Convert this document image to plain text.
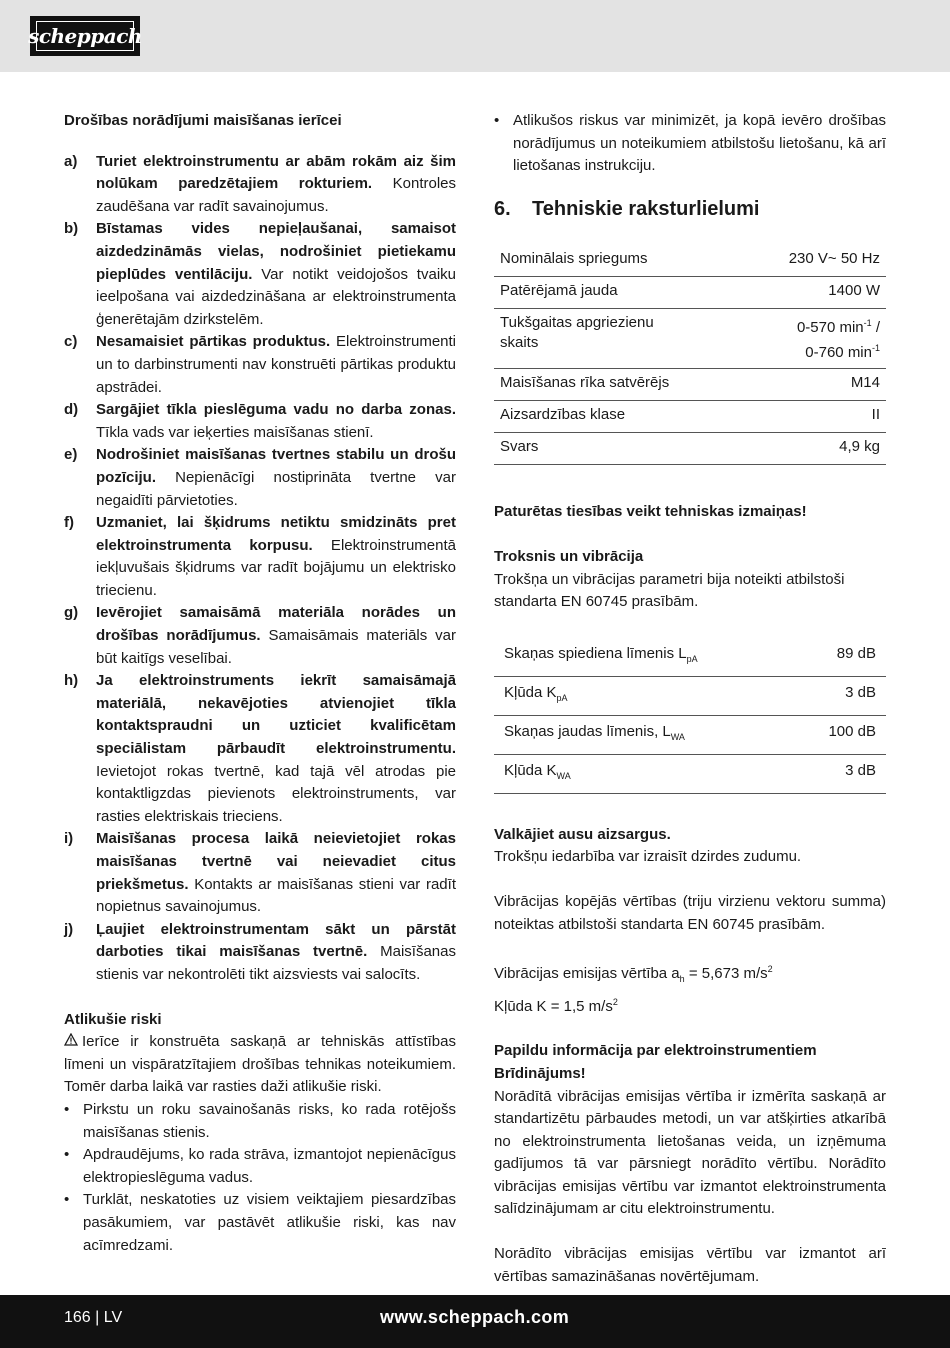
scheppach

Drošības norādījumi maisīšanas ierīcei

a) Turiet elektroinstrumentu ar abām rokām aiz šim nolūkam paredzētajiem rokturiem. Kontroles zaudēšana var radīt savainojumus.
b) Bīstamas vides nepieļaušanai, samaisot aizdedzināmās vielas, nodrošiniet pietiekamu pieplūdes ventilāciju. Var notikt veidojošos tvaiku ieelpošana vai aizdedzināšana ar elektroinstrumenta ģenerētajām dzirkstelēm.
c) Nesamaisiet pārtikas produktus. Elektroinstrumenti un to darbinstrumenti nav konstruēti pārtikas produktu apstrādei.
d) Sargājiet tīkla pieslēguma vadu no darba zonas. Tīkla vads var ieķerties maisīšanas stienī.
e) Nodrošiniet maisīšanas tvertnes stabilu un drošu pozīciju. Nepienācīgi nostiprināta tvertne var negaidīti pārvietoties.
f) Uzmaniet, lai šķidrums netiktu smidzināts pret elektroinstrumenta korpusu. Elektroinstrumentā iekļuvušais šķidrums var radīt bojājumu un elektrisko triecienu.
g) Ievērojiet samaisāmā materiāla norādes un drošības norādījumus. Samaisāmais materiāls var būt kaitīgs veselībai.
h) Ja elektroinstruments iekrīt samaisāmajā materiālā, nekavējoties atvienojiet tīkla kontaktspraudni un uzticiet kvalificētam speciālistam pārbaudīt elektroinstrumentu. Ievietojot rokas tvertnē, kad tajā vēl atrodas pie kontaktligzdas pievienots elektroinstruments, var rasties elektriskais trieciens.
i) Maisīšanas procesa laikā neievietojiet rokas maisīšanas tvertnē vai neievadiet citus priekšmetus. Kontakts ar maisīšanas stieni var radīt nopietnus savainojumus.
j) Ļaujiet elektroinstrumentam sākt un pārstāt darboties tikai maisīšanas tvertnē. Maisīšanas stienis var nekontrolēti tikt aizsviests vai salocīts.

Atlikušie riski

Ierīce ir konstruēta saskaņā ar tehniskās attīstības līmeni un vispāratzītajiem drošības tehnikas noteikumiem. Tomēr darba laikā var rasties daži atlikušie riski.
• Pirkstu un roku savainošanās risks, ko rada rotējošs maisīšanas stienis.
• Apdraudējums, ko rada strāva, izmantojot nepienācīgus elektropieslēguma vadus.
• Turklāt, neskatoties uz visiem veiktajiem piesardzības pasākumiem, var pastāvēt atlikušie riski, kas nav acīmredzami.
• Atlikušos riskus var minimizēt, ja kopā ievēro drošības norādījumus un noteikumiem atbilstošu lietošanu, kā arī lietošanas instrukciju.
6.	Tehniskie raksturlielumi
Nominālais spriegums	230 V~ 50 Hz
Patērējamā jauda	1400 W
Tukšgaitas apgriezienu
skaits	0-570 $\min^{-1}$ /
0-760 $\min^{-1}$
Maisīšanas rīka satvērējs	M14
Aizsardzības klase	II
Svars	4,9 kg

Paturētas tiesības veikt tehniskas izmaiņas!

Troksnis un vibrācija

Trokšņa un vibrācijas parametri bija noteikti atbilstoši standarta EN 60745 prasībām.
Skaņas spiediena līmenis $L_{pA}$	89 dB
Kļūda $K_{pA}$	3 dB
Skaņas jaudas līmenis, $L_{WA}$	100 dB
Kļūda $K_{WA}$	3 dB

Valkājiet ausu aizsargus.

Trokšņu iedarbība var izraisīt dzirdes zudumu.
Vibrācijas kopējās vērtības (triju virzienu vektoru summa) noteiktas atbilstoši standarta EN 60745 prasībām.
Vibrācijas emisijas vērtība $a_h = 5,673$ $m/s^2$
Kļūda K = 1,5 $m/s^2$

Papildu informācija par elektroinstrumentiem

Brīdinājums!

Norādītā vibrācijas emisijas vērtība ir izmērīta saskaņā ar standartizētu pārbaudes metodi, un var atšķirties atkarībā no elektroinstrumenta lietošanas veida, un izņēmuma gadījumos tā var pārsniegt norādīto vērtību. Norādīto vibrācijas emisijas vērtību var izmantot elektroinstrumenta salīdzinājumam ar citu elektroinstrumentu.
Norādīto vibrācijas emisijas vērtību var izmantot arī vērtības samazināšanas novērtējumam.
166 | LV	www.scheppach.com
